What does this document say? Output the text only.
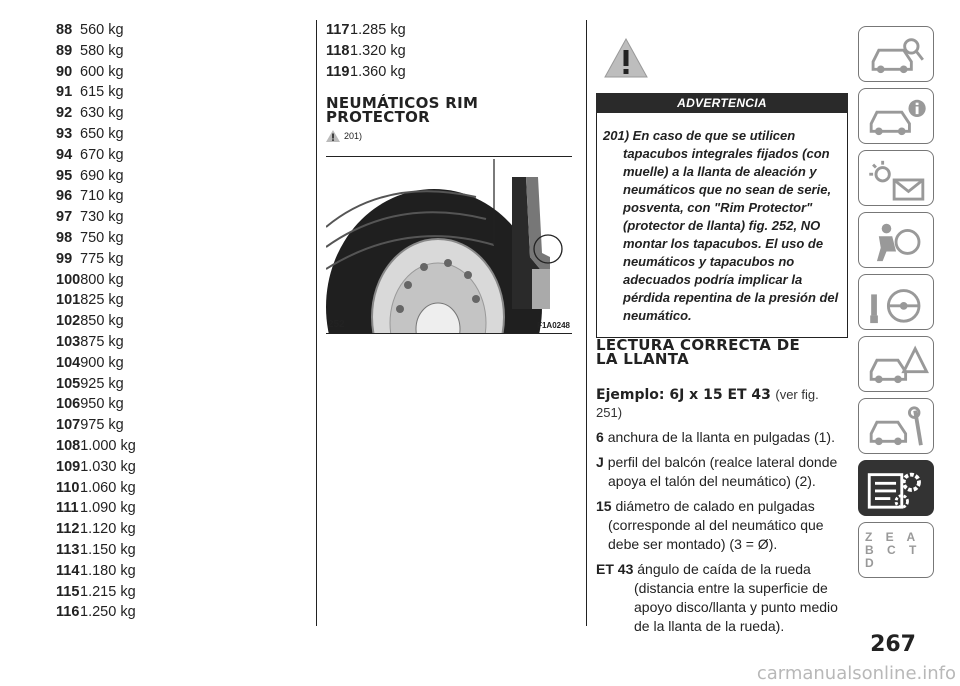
88 560 kg
89 580 kg
90 600 kg
91 615 kg
92 630 kg
93 650 kg
94 670 kg
95 690 kg
96 710 kg
97 730 kg
98 750 kg
99 775 kg
100800 kg
101825 kg
102850 kg
103875 kg
104900 kg
105925 kg
106950 kg
107975 kg
1081.000 kg
1091.030 kg
1101.060 kg
1111.090 kg
1121.120 kg
1131.150 kg
1141.180 kg
1151.215 kg
1161.250 kg
1171.285 kg
1181.320 kg
1191.360 kg
NEUMÁTICOS RIM
PROTECTOR
201)
252	F1A0248
ADVERTENCIA
201) En caso de que se utilicen tapacubos integrales fijados (con muelle) a la llanta de aleación y neumáticos que no sean de serie, posventa, con "Rim Protector" (protector de llanta) fig. 252, NO montar los tapacubos. El uso de neumáticos y tapacubos no adecuados podría implicar la pérdida repentina de la presión del neumático.
LECTURA CORRECTA DE
LA LLANTA
Ejemplo: 6J x 15 ET 43 (ver fig. 251)
6 anchura de la llanta en pulgadas (1).
J perfil del balcón (realce lateral donde apoya el talón del neumático) (2).
15 diámetro de calado en pulgadas (corresponde al del neumático que debe ser montado) (3 = Ø).
ET 43 ángulo de caída de la rueda (distancia entre la superficie de apoyo disco/llanta y punto medio de la llanta de la rueda).
Z E A B C T D
267
carmanualsonline.info
